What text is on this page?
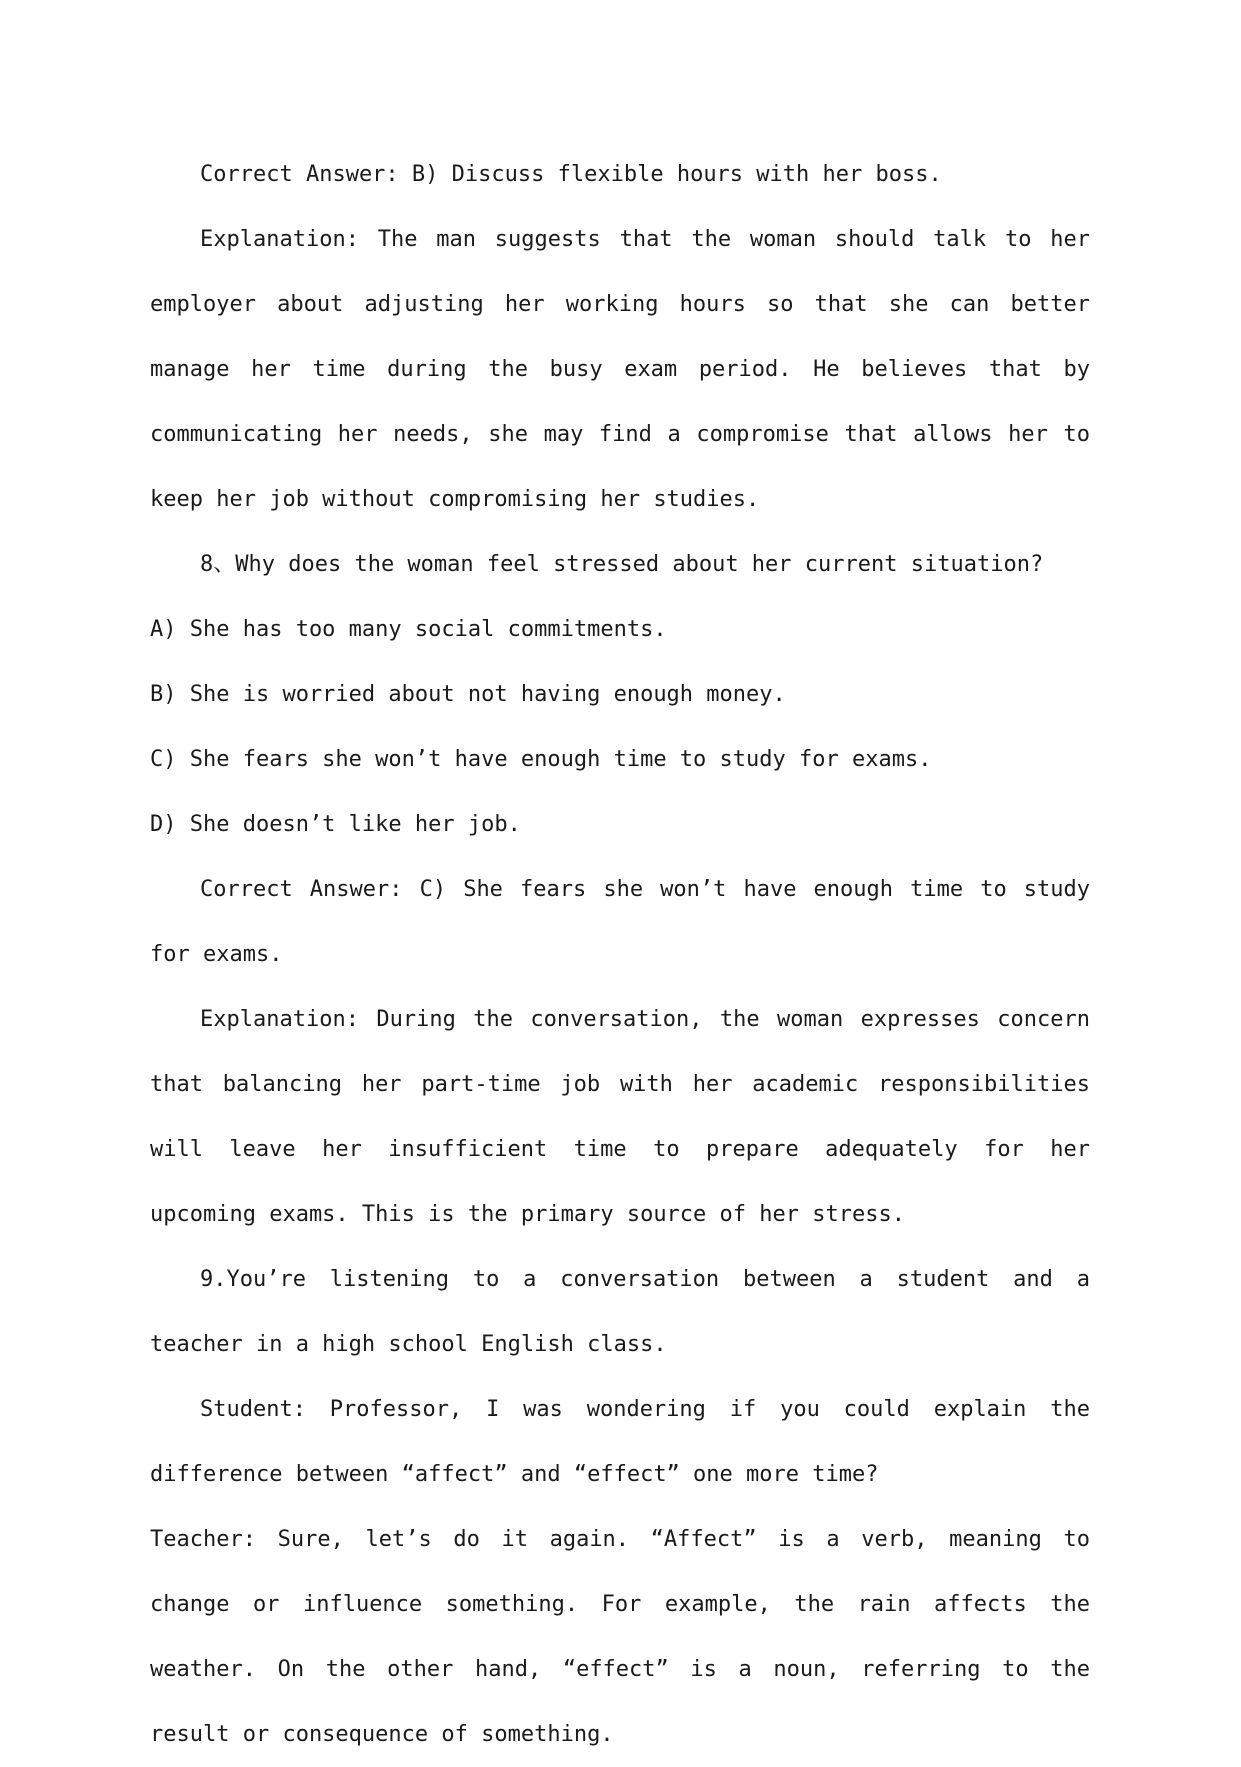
Correct Answer: B) Discuss flexible hours with her boss.

Explanation: The man suggests that the woman should talk to her employer about adjusting her working hours so that she can better manage her time during the busy exam period. He believes that by communicating her needs, she may find a compromise that allows her to keep her job without compromising her studies.

8、Why does the woman feel stressed about her current situation?

A) She has too many social commitments.

B) She is worried about not having enough money.

C) She fears she won’t have enough time to study for exams.

D) She doesn’t like her job.

Correct Answer: C) She fears she won’t have enough time to study for exams.

Explanation: During the conversation, the woman expresses concern that balancing her part-time job with her academic responsibilities will leave her insufficient time to prepare adequately for her upcoming exams. This is the primary source of her stress.

9.You’re listening to a conversation between a student and a teacher in a high school English class.

Student: Professor, I was wondering if you could explain the difference between “affect” and “effect” one more time?

Teacher: Sure, let’s do it again. “Affect” is a verb, meaning to change or influence something. For example, the rain affects the weather. On the other hand, “effect” is a noun, referring to the result or consequence of something.
